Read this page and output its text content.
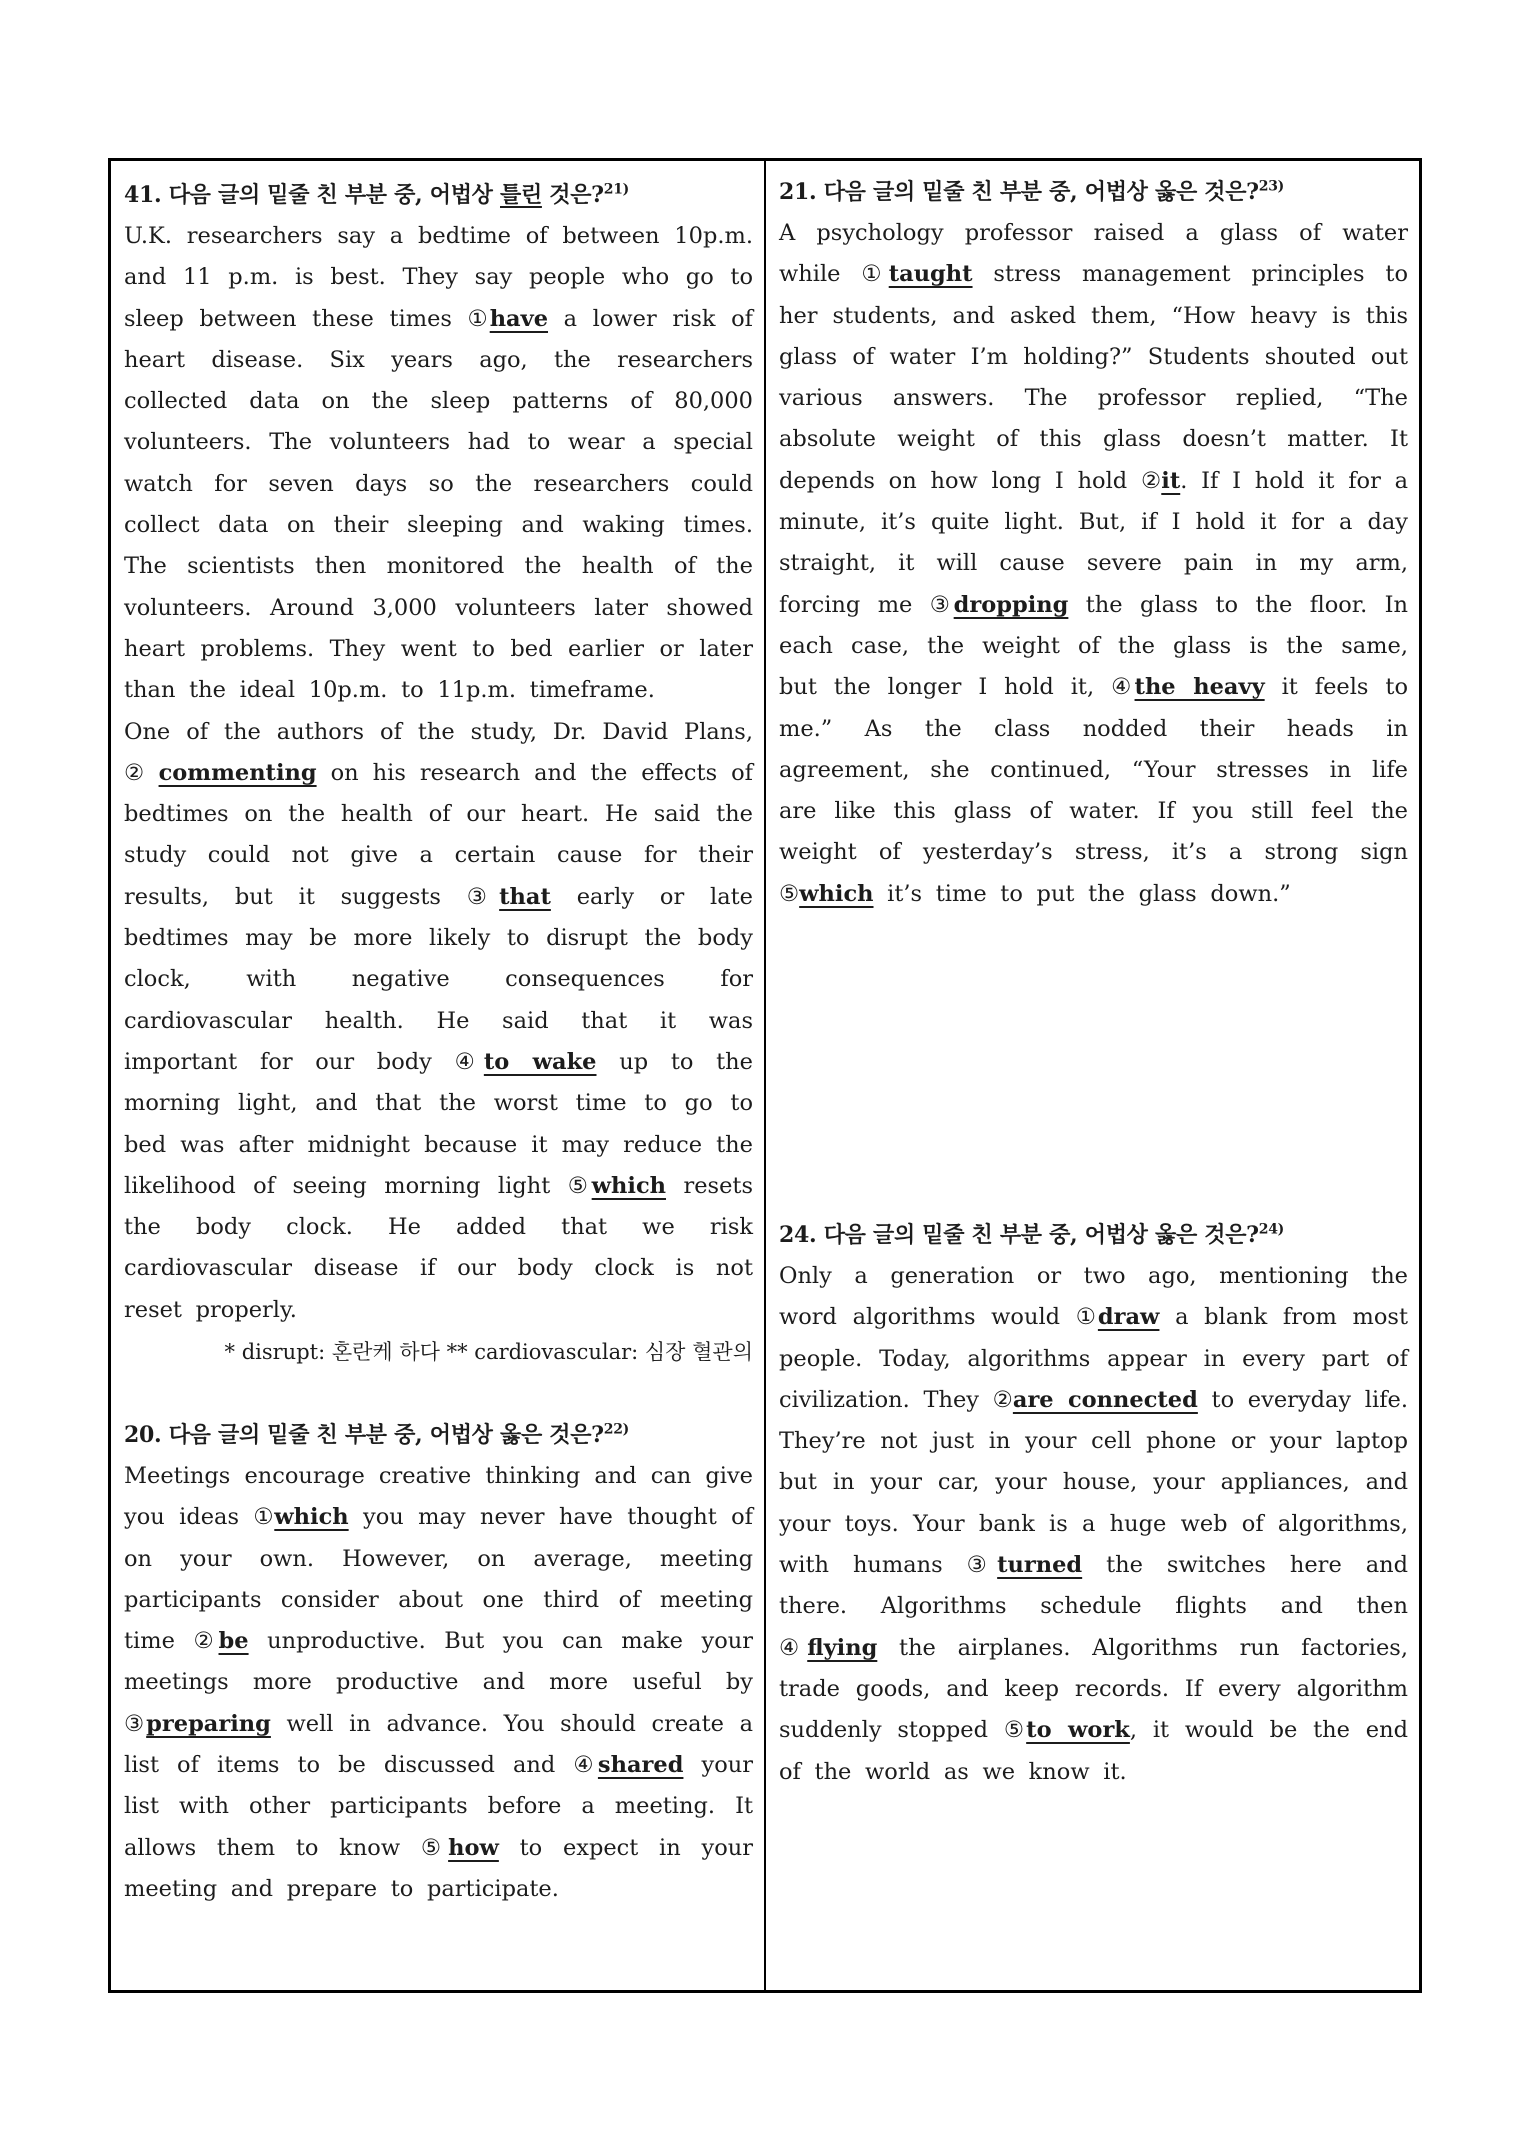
41. 다음 글의 밑줄 친 부분 중, 어법상 틀린 것은?$^{21)}$

U.K. researchers say a bedtime of between 10p.m. and 11 p.m. is best. They say people who go to sleep between these times ①have a lower risk of heart disease. Six years ago, the researchers collected data on the sleep patterns of 80,000 volunteers. The volunteers had to wear a special watch for seven days so the researchers could collect data on their sleeping and waking times. The scientists then monitored the health of the volunteers. Around 3,000 volunteers later showed heart problems. They went to bed earlier or later than the ideal 10p.m. to 11p.m. timeframe.

One of the authors of the study, Dr. David Plans, ② commenting on his research and the effects of bedtimes on the health of our heart. He said the study could not give a certain cause for their results, but it suggests ③that early or late bedtimes may be more likely to disrupt the body clock, with negative consequences for cardiovascular health. He said that it was important for our body ④to wake up to the morning light, and that the worst time to go to bed was after midnight because it may reduce the likelihood of seeing morning light ⑤which resets the body clock. He added that we risk cardiovascular disease if our body clock is not reset properly.

* disrupt: 혼란케 하다 ** cardiovascular: 심장 혈관의
20. 다음 글의 밑줄 친 부분 중, 어법상 옳은 것은?$^{22)}$

Meetings encourage creative thinking and can give you ideas ①which you may never have thought of on your own. However, on average, meeting participants consider about one third of meeting time ②be unproductive. But you can make your meetings more productive and more useful by ③preparing well in advance. You should create a list of items to be discussed and ④shared your list with other participants before a meeting. It allows them to know ⑤how to expect in your meeting and prepare to participate.

21. 다음 글의 밑줄 친 부분 중, 어법상 옳은 것은?$^{23)}$

A psychology professor raised a glass of water while ①taught stress management principles to her students, and asked them, “How heavy is this glass of water I’m holding?” Students shouted out various answers. The professor replied, “The absolute weight of this glass doesn’t matter. It depends on how long I hold ②it. If I hold it for a minute, it’s quite light. But, if I hold it for a day straight, it will cause severe pain in my arm, forcing me ③dropping the glass to the floor. In each case, the weight of the glass is the same, but the longer I hold it, ④the heavy it feels to me.” As the class nodded their heads in agreement, she continued, “Your stresses in life are like this glass of water. If you still feel the weight of yesterday’s stress, it’s a strong sign ⑤which it’s time to put the glass down.”

24. 다음 글의 밑줄 친 부분 중, 어법상 옳은 것은?$^{24)}$

Only a generation or two ago, mentioning the word algorithms would ①draw a blank from most people. Today, algorithms appear in every part of civilization. They ②are connected to everyday life. They’re not just in your cell phone or your laptop but in your car, your house, your appliances, and your toys. Your bank is a huge web of algorithms, with humans ③turned the switches here and there. Algorithms schedule flights and then ④flying the airplanes. Algorithms run factories, trade goods, and keep records. If every algorithm suddenly stopped ⑤to work, it would be the end of the world as we know it.
